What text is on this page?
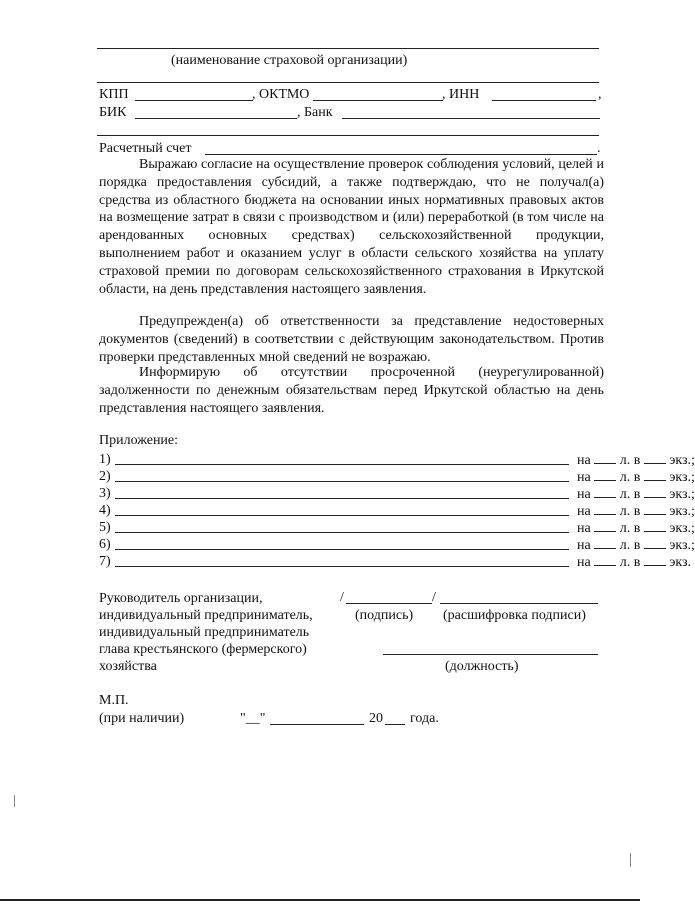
(наименование страховой организации)
КПП	, ОКТМО	, ИНН	,
БИК	, Банк
Расчетный счет	.
Выражаю согласие на осуществление проверок соблюдения условий, целей и порядка предоставления субсидий, а также подтверждаю, что не получал(а) средства из областного бюджета на основании иных нормативных правовых актов на возмещение затрат в связи с производством и (или) переработкой (в том числе на арендованных основных средствах) сельскохозяйственной продукции, выполнением работ и оказанием услуг в области сельского хозяйства на уплату страховой премии по договорам сельскохозяйственного страхования в Иркутской области, на день представления настоящего заявления.
Предупрежден(а) об ответственности за представление недостоверных документов (сведений) в соответствии с действующим законодательством. Против проверки представленных мной сведений не возражаю.
Информирую об отсутствии просроченной (неурегулированной) задолженности по денежным обязательствам перед Иркутской областью на день представления настоящего заявления.
Приложение:
1)	на л. в экз.;
2)	на л. в экз.;
3)	на л. в экз.;
4)	на л. в экз.;
5)	на л. в экз.;
6)	на л. в экз.;
7)	на л. в экз.
Руководитель организации,
индивидуальный предприниматель,
индивидуальный предприниматель
глава крестьянского (фермерского)
хозяйства
/	/
(подпись) (расшифровка подписи)
(должность)
М.П.
(при наличии)	"__"	20 года.
